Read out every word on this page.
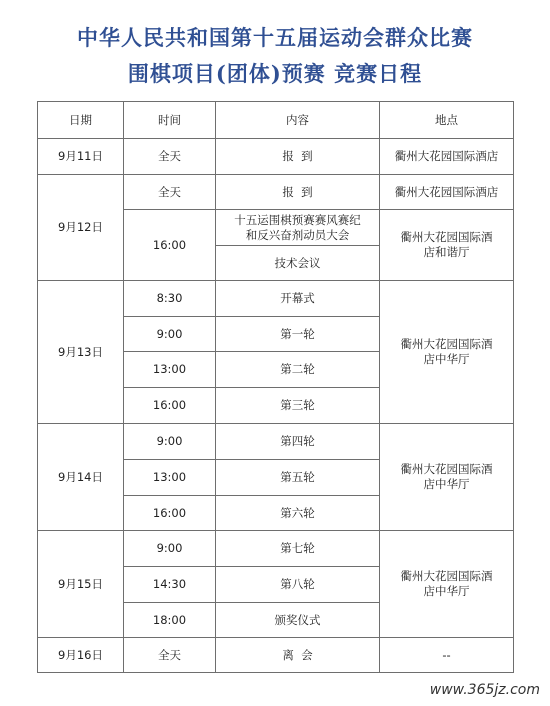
中华人民共和国第十五届运动会群众比赛
围棋项目(团体)预赛 竞赛日程
日期	时间	内容	地点
9月11日	全天	报  到	衢州大花园国际酒店
9月12日	全天	报  到	衢州大花园国际酒店
	16:00	十五运围棋预赛赛风赛纪和反兴奋剂动员大会	衢州大花园国际酒店和谐厅
		技术会议	
9月13日	8:30	开幕式	衢州大花园国际酒店中华厅
	9:00	第一轮	
	13:00	第二轮	
	16:00	第三轮	
9月14日	9:00	第四轮	衢州大花园国际酒店中华厅
	13:00	第五轮	
	16:00	第六轮	
9月15日	9:00	第七轮	衢州大花园国际酒店中华厅
	14:30	第八轮	
	18:00	颁奖仪式	
9月16日	全天	离  会	--
www.365jz.com
